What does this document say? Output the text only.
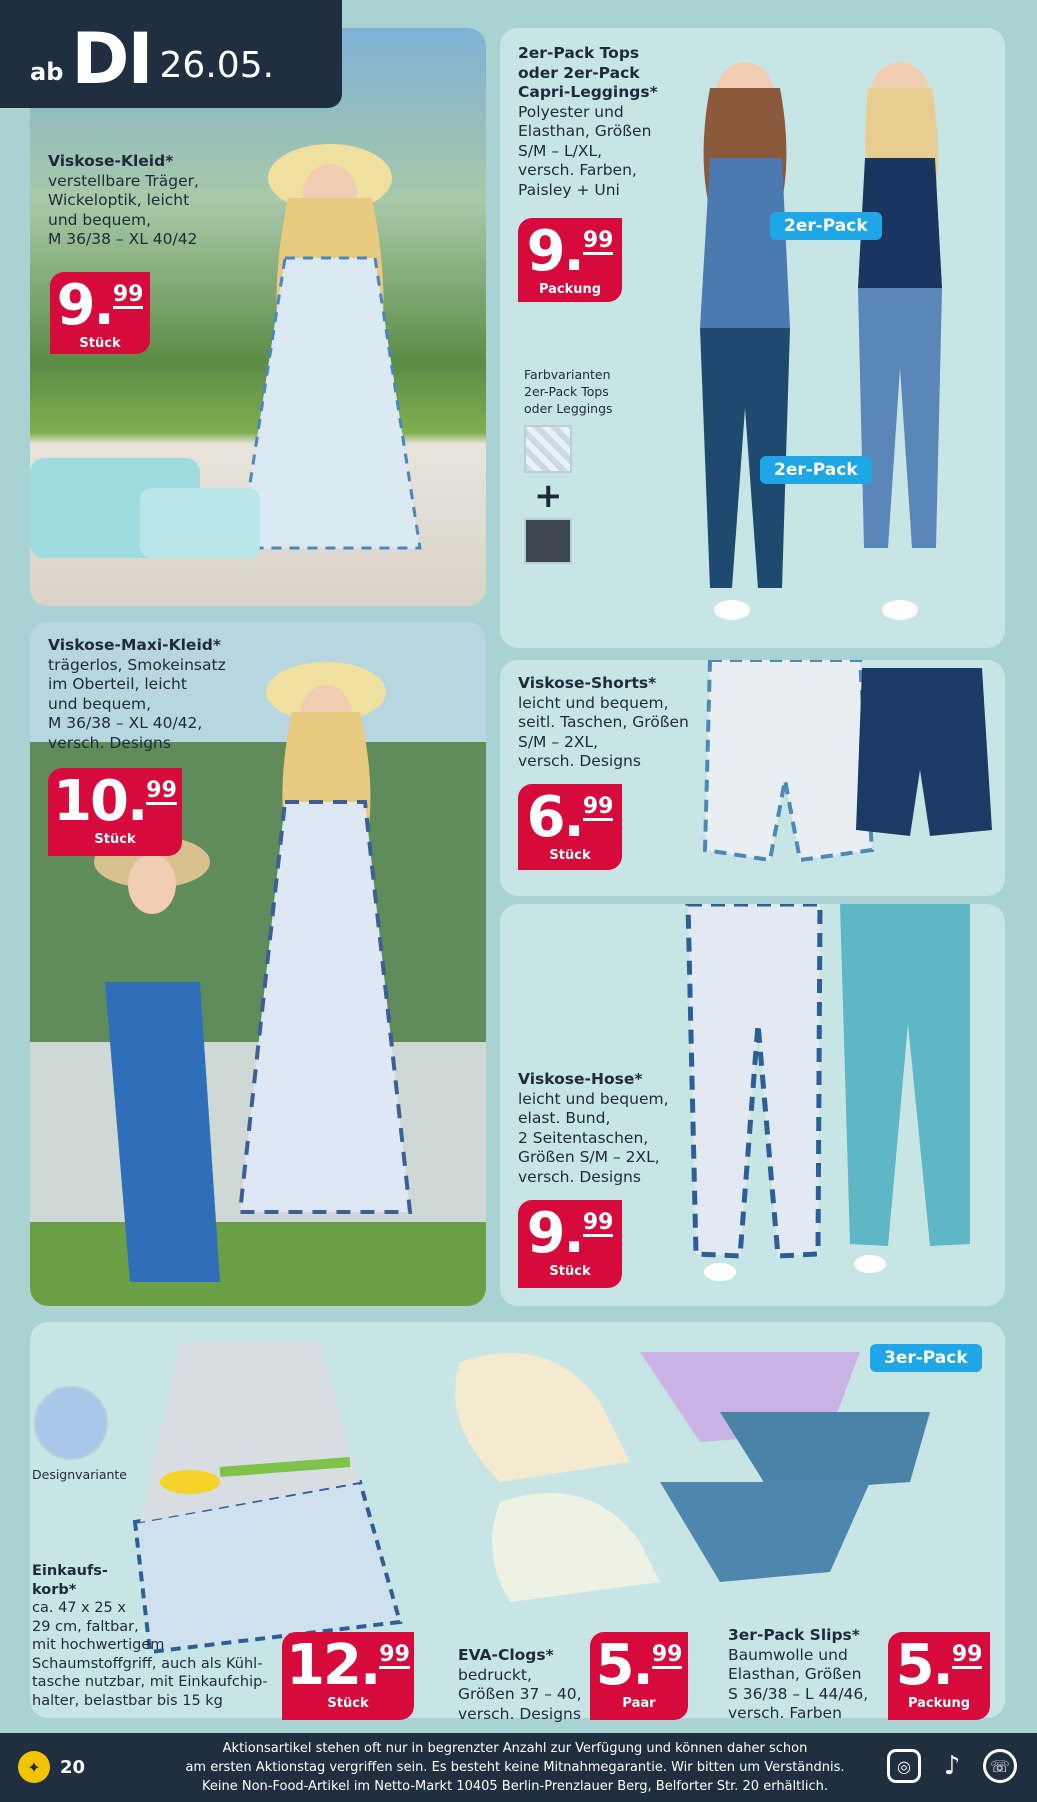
ab DI 26.05.
Viskose-Kleid*
verstellbare Träger,
Wickeloptik, leicht
und bequem,
M 36/38 – XL 40/42
9.99
Stück
2er-Pack Tops
oder 2er-Pack
Capri-Leggings*
Polyester und
Elasthan, Größen
S/M – L/XL,
versch. Farben,
Paisley + Uni
9.99
Packung
2er-Pack
2er-Pack
Farbvarianten
2er-Pack Tops
oder Leggings
+
Viskose-Maxi-Kleid*
trägerlos, Smokeinsatz
im Oberteil, leicht
und bequem,
M 36/38 – XL 40/42,
versch. Designs
10.99
Stück
Viskose-Shorts*
leicht und bequem,
seitl. Taschen, Größen
S/M – 2XL,
versch. Designs
6.99
Stück
Viskose-Hose*
leicht und bequem,
elast. Bund,
2 Seitentaschen,
Größen S/M – 2XL,
versch. Designs
9.99
Stück
Designvariante
3er-Pack
Einkaufs-
korb*
ca. 47 x 25 x
29 cm, faltbar,
mit hochwertigem
Schaumstoffgriff, auch als Kühl-
tasche nutzbar, mit Einkaufchip-
halter, belastbar bis 15 kg
12.99
Stück
EVA-Clogs*
bedruckt,
Größen 37 – 40,
versch. Designs
5.99
Paar
3er-Pack Slips*
Baumwolle und
Elasthan, Größen
S 36/38 – L 44/46,
versch. Farben
5.99
Packung
✦	20
Aktionsartikel stehen oft nur in begrenzter Anzahl zur Verfügung und können daher schon
am ersten Aktionstag vergriffen sein. Es besteht keine Mitnahmegarantie. Wir bitten um Verständnis.
Keine Non-Food-Artikel im Netto-Markt 10405 Berlin-Prenzlauer Berg, Belforter Str. 20 erhältlich.
◎	♪	☏
